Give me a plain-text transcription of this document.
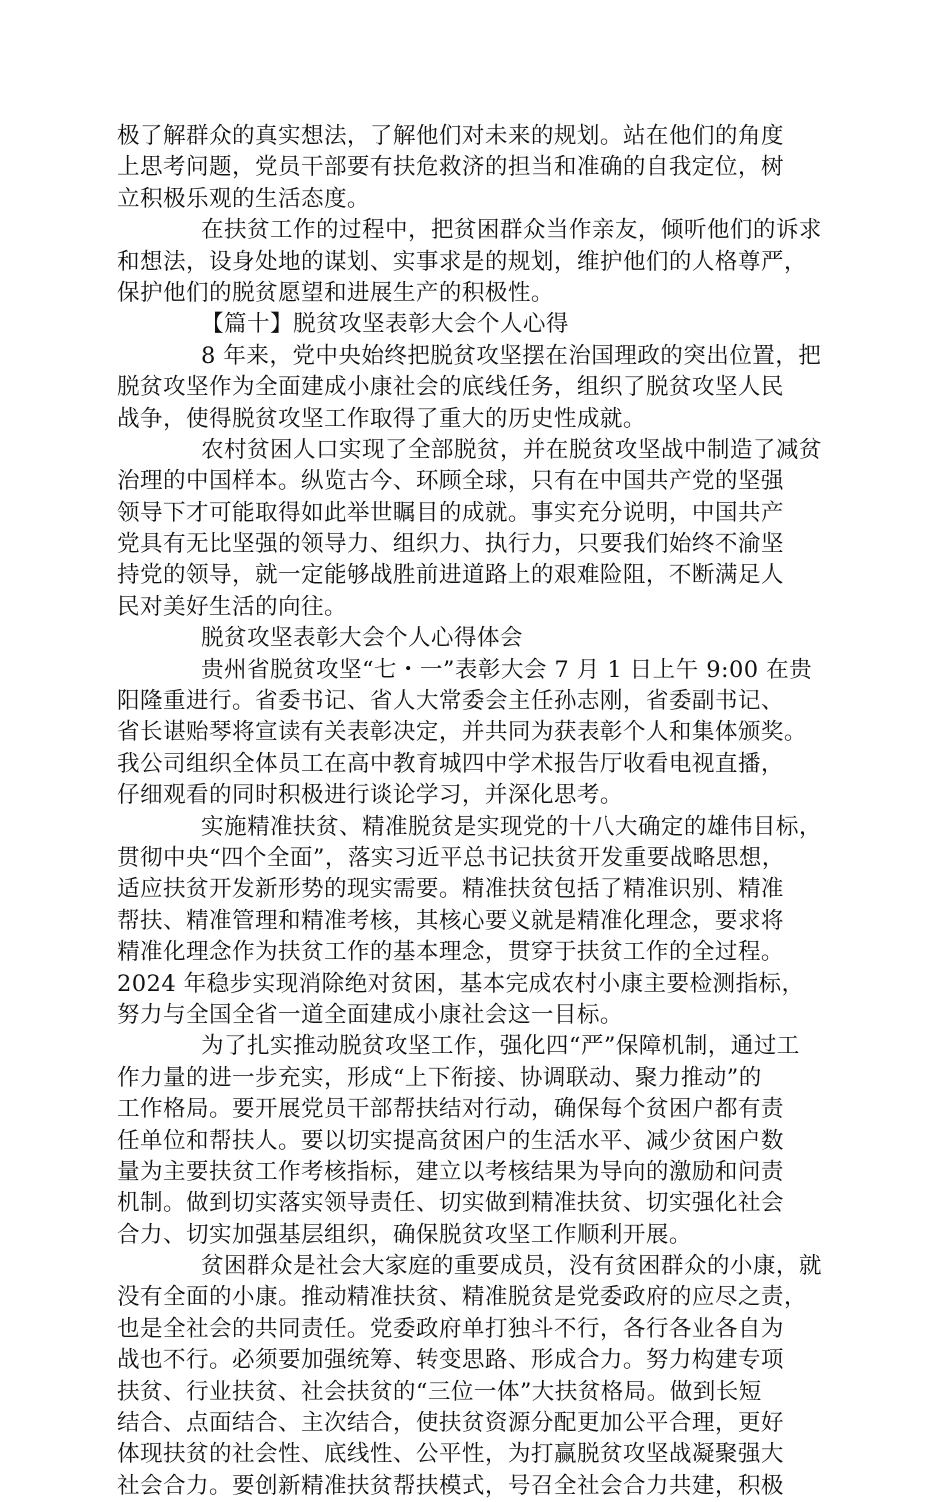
极了解群众的真实想法，了解他们对未来的规划。站在他们的角度
上思考问题，党员干部要有扶危救济的担当和准确的自我定位，树
立积极乐观的生活态度。
在扶贫工作的过程中，把贫困群众当作亲友，倾听他们的诉求
和想法，设身处地的谋划、实事求是的规划，维护他们的人格尊严，
保护他们的脱贫愿望和进展生产的积极性。
【篇十】脱贫攻坚表彰大会个人心得
8 年来，党中央始终把脱贫攻坚摆在治国理政的突出位置，把
脱贫攻坚作为全面建成小康社会的底线任务，组织了脱贫攻坚人民
战争，使得脱贫攻坚工作取得了重大的历史性成就。
农村贫困人口实现了全部脱贫，并在脱贫攻坚战中制造了减贫
治理的中国样本。纵览古今、环顾全球，只有在中国共产党的坚强
领导下才可能取得如此举世瞩目的成就。事实充分说明，中国共产
党具有无比坚强的领导力、组织力、执行力，只要我们始终不渝坚
持党的领导，就一定能够战胜前进道路上的艰难险阻，不断满足人
民对美好生活的向往。
脱贫攻坚表彰大会个人心得体会
贵州省脱贫攻坚“七・一”表彰大会 7 月 1 日上午 9:00 在贵
阳隆重进行。省委书记、省人大常委会主任孙志刚，省委副书记、
省长谌贻琴将宣读有关表彰决定，并共同为获表彰个人和集体颁奖。
我公司组织全体员工在高中教育城四中学术报告厅收看电视直播，
仔细观看的同时积极进行谈论学习，并深化思考。
实施精准扶贫、精准脱贫是实现党的十八大确定的雄伟目标，
贯彻中央“四个全面”，落实习近平总书记扶贫开发重要战略思想，
适应扶贫开发新形势的现实需要。精准扶贫包括了精准识别、精准
帮扶、精准管理和精准考核，其核心要义就是精准化理念，要求将
精准化理念作为扶贫工作的基本理念，贯穿于扶贫工作的全过程。
2024 年稳步实现消除绝对贫困，基本完成农村小康主要检测指标，
努力与全国全省一道全面建成小康社会这一目标。
为了扎实推动脱贫攻坚工作，强化四“严”保障机制，通过工
作力量的进一步充实，形成“上下衔接、协调联动、聚力推动”的
工作格局。要开展党员干部帮扶结对行动，确保每个贫困户都有责
任单位和帮扶人。要以切实提高贫困户的生活水平、减少贫困户数
量为主要扶贫工作考核指标，建立以考核结果为导向的激励和问责
机制。做到切实落实领导责任、切实做到精准扶贫、切实强化社会
合力、切实加强基层组织，确保脱贫攻坚工作顺利开展。
贫困群众是社会大家庭的重要成员，没有贫困群众的小康，就
没有全面的小康。推动精准扶贫、精准脱贫是党委政府的应尽之责，
也是全社会的共同责任。党委政府单打独斗不行，各行各业各自为
战也不行。必须要加强统筹、转变思路、形成合力。努力构建专项
扶贫、行业扶贫、社会扶贫的“三位一体”大扶贫格局。做到长短
结合、点面结合、主次结合，使扶贫资源分配更加公平合理，更好
体现扶贫的社会性、底线性、公平性，为打赢脱贫攻坚战凝聚强大
社会合力。要创新精准扶贫帮扶模式，号召全社会合力共建，积极
